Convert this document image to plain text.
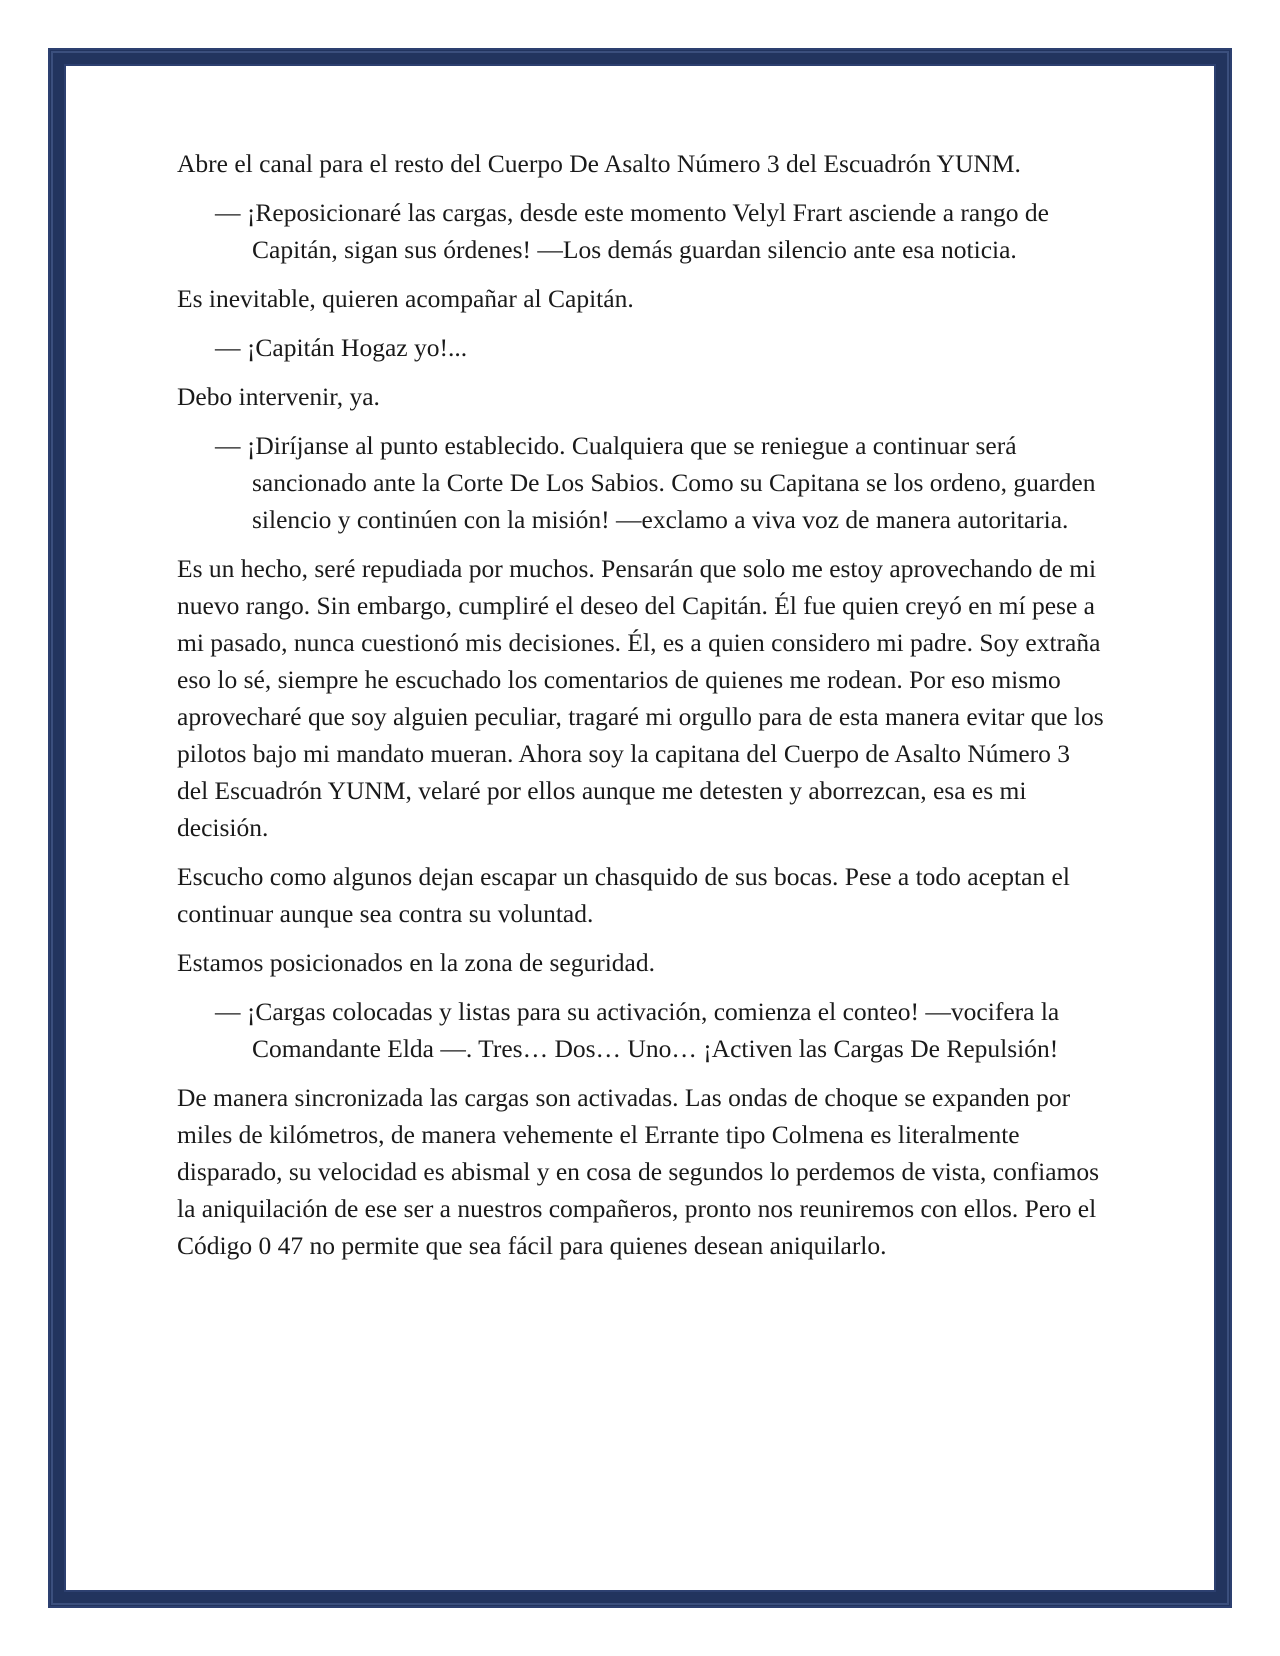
Abre el canal para el resto del Cuerpo De Asalto Número 3 del Escuadrón YUNM.

— ¡Reposicionaré las cargas, desde este momento Velyl Frart asciende a rango de Capitán, sigan sus órdenes! —Los demás guardan silencio ante esa noticia.

Es inevitable, quieren acompañar al Capitán.

— ¡Capitán Hogaz yo!...

Debo intervenir, ya.

— ¡Diríjanse al punto establecido. Cualquiera que se reniegue a continuar será sancionado ante la Corte De Los Sabios. Como su Capitana se los ordeno, guarden silencio y continúen con la misión! —exclamo a viva voz de manera autoritaria.

Es un hecho, seré repudiada por muchos. Pensarán que solo me estoy aprovechando de mi nuevo rango. Sin embargo, cumpliré el deseo del Capitán. Él fue quien creyó en mí pese a mi pasado, nunca cuestionó mis decisiones. Él, es a quien considero mi padre. Soy extraña eso lo sé, siempre he escuchado los comentarios de quienes me rodean. Por eso mismo aprovecharé que soy alguien peculiar, tragaré mi orgullo para de esta manera evitar que los pilotos bajo mi mandato mueran. Ahora soy la capitana del Cuerpo de Asalto Número 3 del Escuadrón YUNM, velaré por ellos aunque me detesten y aborrezcan, esa es mi decisión.

Escucho como algunos dejan escapar un chasquido de sus bocas. Pese a todo aceptan el continuar aunque sea contra su voluntad.

Estamos posicionados en la zona de seguridad.

— ¡Cargas colocadas y listas para su activación, comienza el conteo! —vocifera la Comandante Elda —. Tres… Dos… Uno… ¡Activen las Cargas De Repulsión!

De manera sincronizada las cargas son activadas. Las ondas de choque se expanden por miles de kilómetros, de manera vehemente el Errante tipo Colmena es literalmente disparado, su velocidad es abismal y en cosa de segundos lo perdemos de vista, confiamos la aniquilación de ese ser a nuestros compañeros, pronto nos reuniremos con ellos. Pero el Código 0 47 no permite que sea fácil para quienes desean aniquilarlo.
